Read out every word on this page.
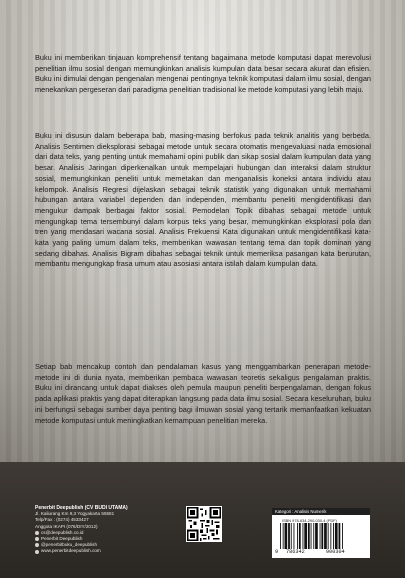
Buku ini memberikan tinjauan komprehensif tentang bagaimana metode komputasi dapat merevolusi penelitian ilmu sosial dengan memungkinkan analisis kumpulan data besar secara akurat dan efisien. Buku ini dimulai dengan pengenalan mengenai pentingnya teknik komputasi dalam ilmu sosial, dengan menekankan pergeseran dari paradigma penelitian tradisional ke metode komputasi yang lebih maju.

Buku ini disusun dalam beberapa bab, masing-masing berfokus pada teknik analitis yang berbeda. Analisis Sentimen dieksplorasi sebagai metode untuk secara otomatis mengevaluasi nada emosional dari data teks, yang penting untuk memahami opini publik dan sikap sosial dalam kumpulan data yang besar. Analisis Jaringan diperkenalkan untuk mempelajari hubungan dan interaksi dalam struktur sosial, memungkinkan peneliti untuk memetakan dan menganalisis koneksi antara individu atau kelompok. Analisis Regresi dijelaskan sebagai teknik statistik yang digunakan untuk memahami hubungan antara variabel dependen dan independen, membantu peneliti mengidentifikasi dan mengukur dampak berbagai faktor sosial. Pemodelan Topik dibahas sebagai metode untuk mengungkap tema tersembunyi dalam korpus teks yang besar, memungkinkan eksplorasi pola dan tren yang mendasari wacana sosial. Analisis Frekuensi Kata digunakan untuk mengidentifikasi kata-kata yang paling umum dalam teks, memberikan wawasan tentang tema dan topik dominan yang sedang dibahas. Analisis Bigram dibahas sebagai teknik untuk memeriksa pasangan kata berurutan, membantu mengungkap frasa umum atau asosiasi antara istilah dalam kumpulan data.

Setiap bab mencakup contoh dan pendalaman kasus yang menggambarkan penerapan metode-metode ini di dunia nyata, memberikan pembaca wawasan teoretis sekaligus pengalaman praktis. Buku ini dirancang untuk dapat diakses oleh pemula maupun peneliti berpengalaman, dengan fokus pada aplikasi praktis yang dapat diterapkan langsung pada data ilmu sosial. Secara keseluruhan, buku ini berfungsi sebagai sumber daya penting bagi ilmuwan sosial yang tertarik memanfaatkan kekuatan metode komputasi untuk meningkatkan kemampuan penelitian mereka.

Penerbit Deepublish (CV BUDI UTAMA)
Jl. Kaliurang Km 9,3 Yogyakarta 55581
Telp/Fax : (0274) 4533427
Anggota IKAPI (076/DIY/2012)
cs@deepublish.co.id
Penerbit Deepublish
@penerbitbuku_deepublish
www.penerbitdeepublish.com
Kategori : Analisis Numerik
ISBN 978-634-290-030-4 (PDF)
9 786342	900304
